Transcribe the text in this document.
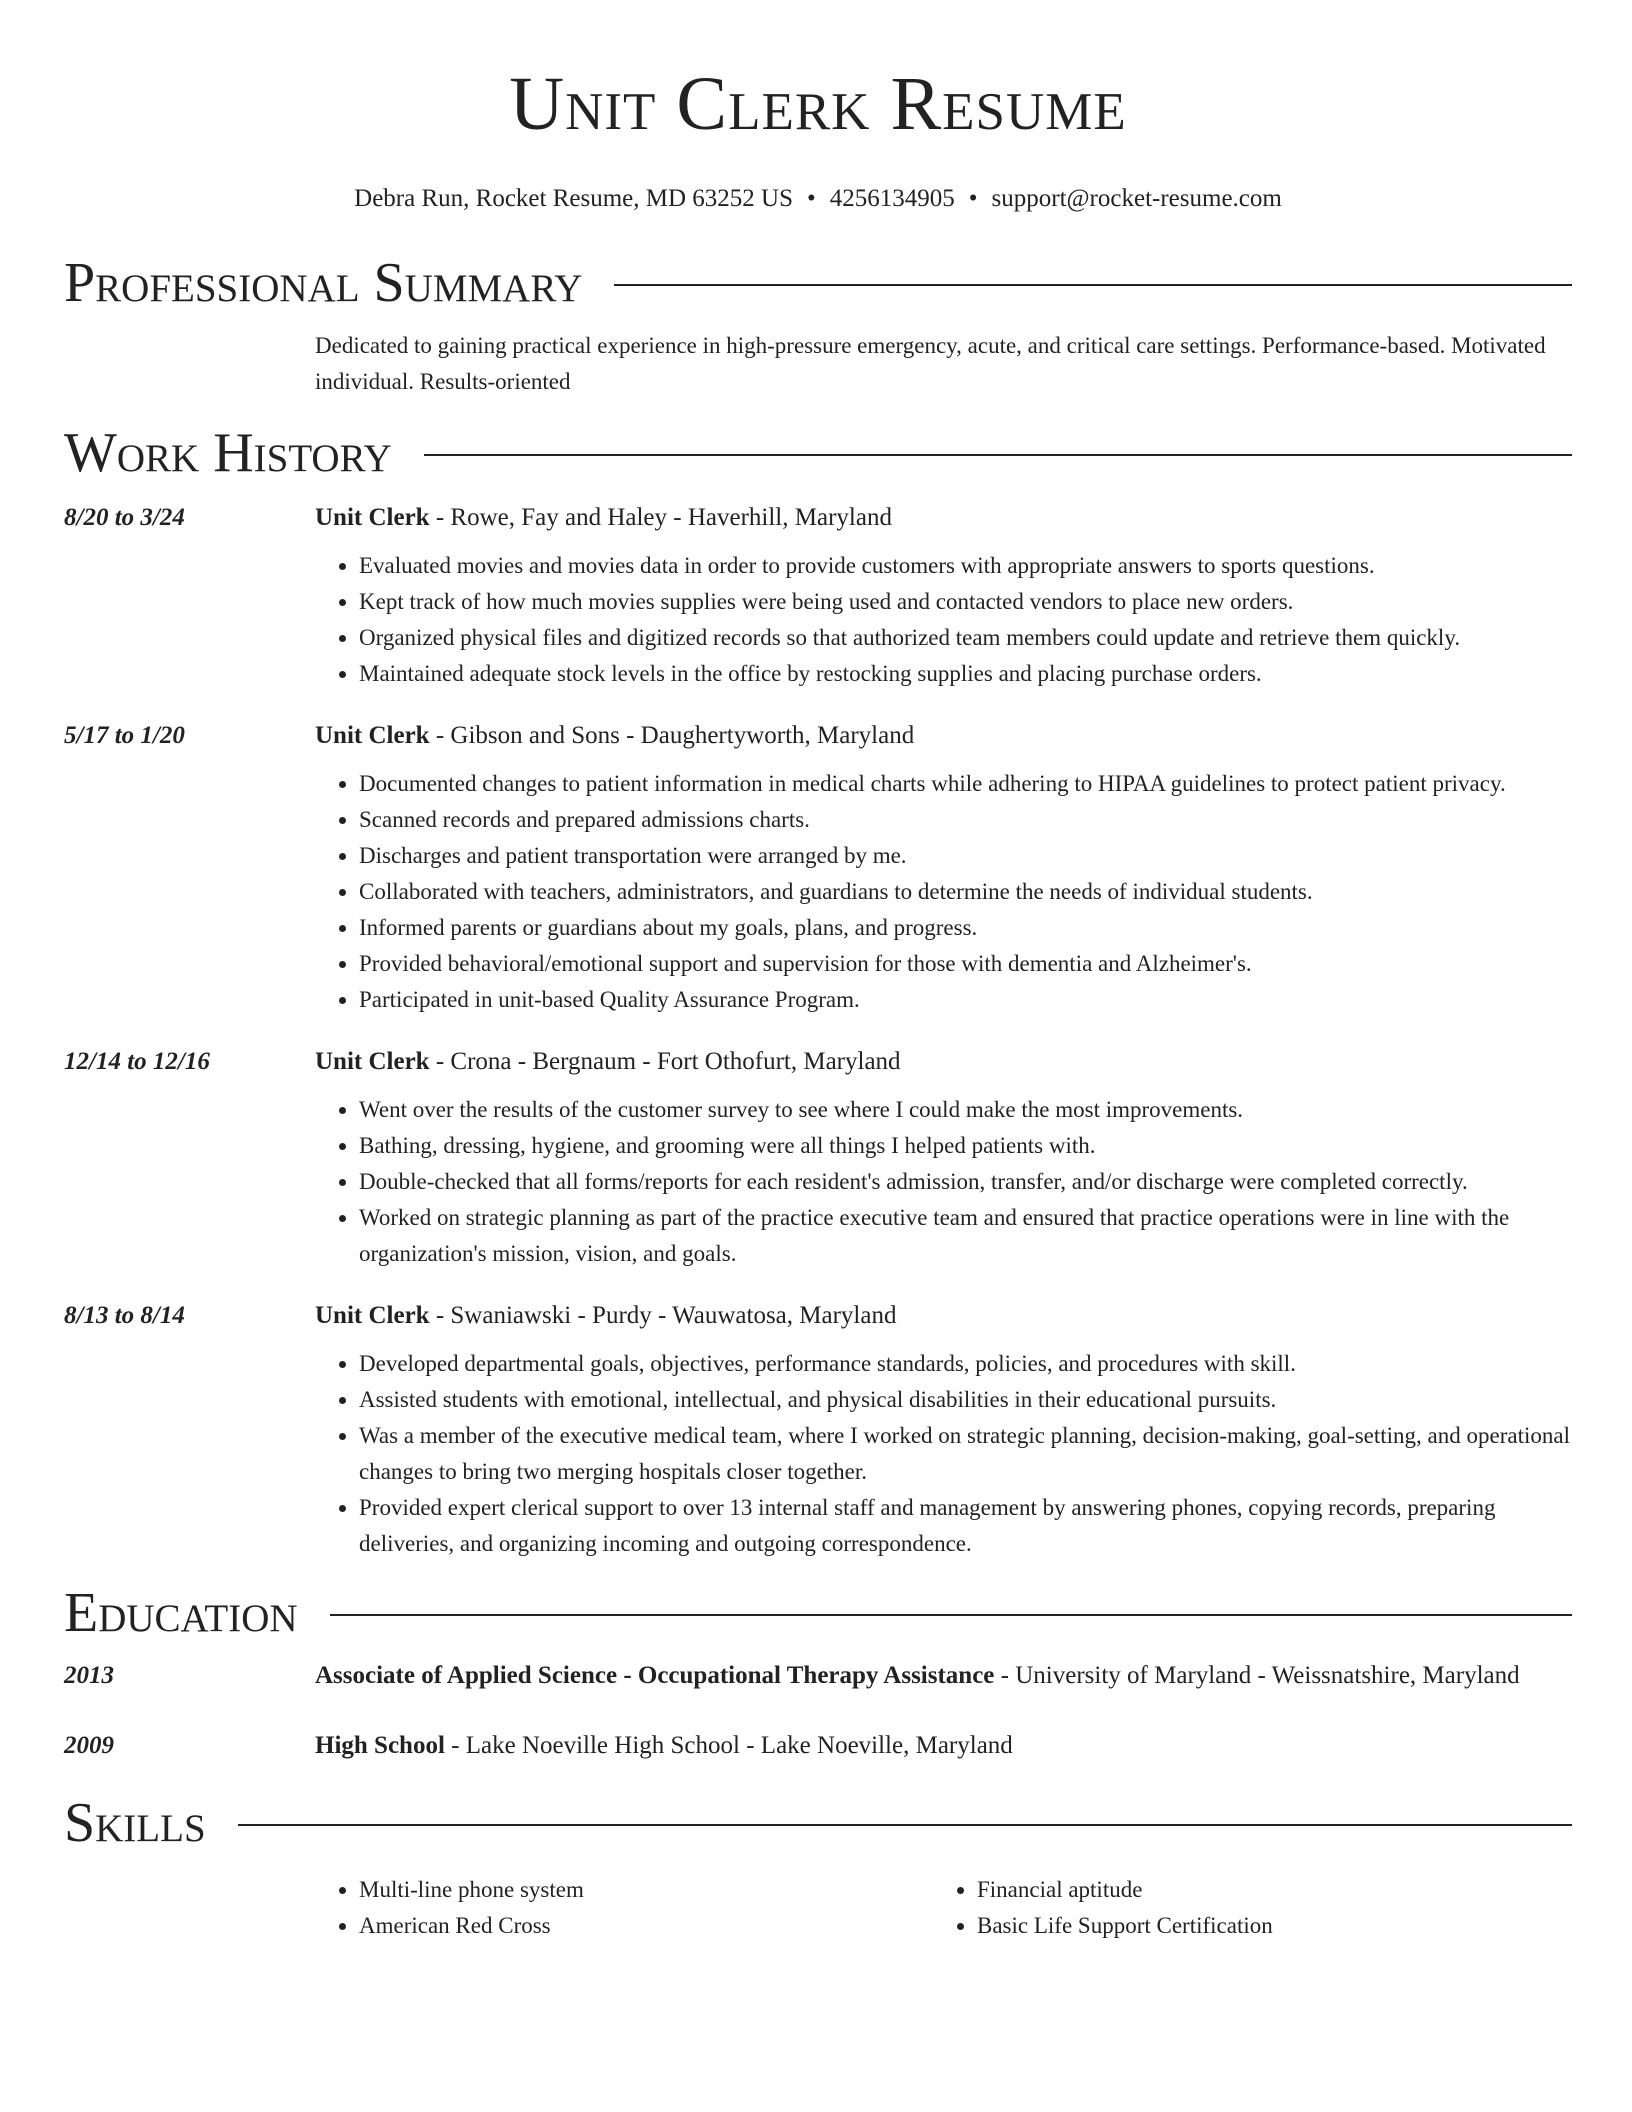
Unit Clerk Resume
Debra Run, Rocket Resume, MD 63252 US • 4256134905 • support@rocket-resume.com
Professional Summary
Dedicated to gaining practical experience in high-pressure emergency, acute, and critical care settings. Performance-based. Motivated individual. Results-oriented
Work History
8/20 to 3/24	Unit Clerk - Rowe, Fay and Haley - Haverhill, Maryland
• Evaluated movies and movies data in order to provide customers with appropriate answers to sports questions.
• Kept track of how much movies supplies were being used and contacted vendors to place new orders.
• Organized physical files and digitized records so that authorized team members could update and retrieve them quickly.
• Maintained adequate stock levels in the office by restocking supplies and placing purchase orders.
5/17 to 1/20	Unit Clerk - Gibson and Sons - Daughertyworth, Maryland
• Documented changes to patient information in medical charts while adhering to HIPAA guidelines to protect patient privacy.
• Scanned records and prepared admissions charts.
• Discharges and patient transportation were arranged by me.
• Collaborated with teachers, administrators, and guardians to determine the needs of individual students.
• Informed parents or guardians about my goals, plans, and progress.
• Provided behavioral/emotional support and supervision for those with dementia and Alzheimer's.
• Participated in unit-based Quality Assurance Program.
12/14 to 12/16	Unit Clerk - Crona - Bergnaum - Fort Othofurt, Maryland
• Went over the results of the customer survey to see where I could make the most improvements.
• Bathing, dressing, hygiene, and grooming were all things I helped patients with.
• Double-checked that all forms/reports for each resident's admission, transfer, and/or discharge were completed correctly.
• Worked on strategic planning as part of the practice executive team and ensured that practice operations were in line with the organization's mission, vision, and goals.
8/13 to 8/14	Unit Clerk - Swaniawski - Purdy - Wauwatosa, Maryland
• Developed departmental goals, objectives, performance standards, policies, and procedures with skill.
• Assisted students with emotional, intellectual, and physical disabilities in their educational pursuits.
• Was a member of the executive medical team, where I worked on strategic planning, decision-making, goal-setting, and operational changes to bring two merging hospitals closer together.
• Provided expert clerical support to over 13 internal staff and management by answering phones, copying records, preparing deliveries, and organizing incoming and outgoing correspondence.
Education
2013	Associate of Applied Science - Occupational Therapy Assistance - University of Maryland - Weissnatshire, Maryland
2009	High School - Lake Noeville High School - Lake Noeville, Maryland
Skills
• Multi-line phone system
• American Red Cross
• Financial aptitude
• Basic Life Support Certification
